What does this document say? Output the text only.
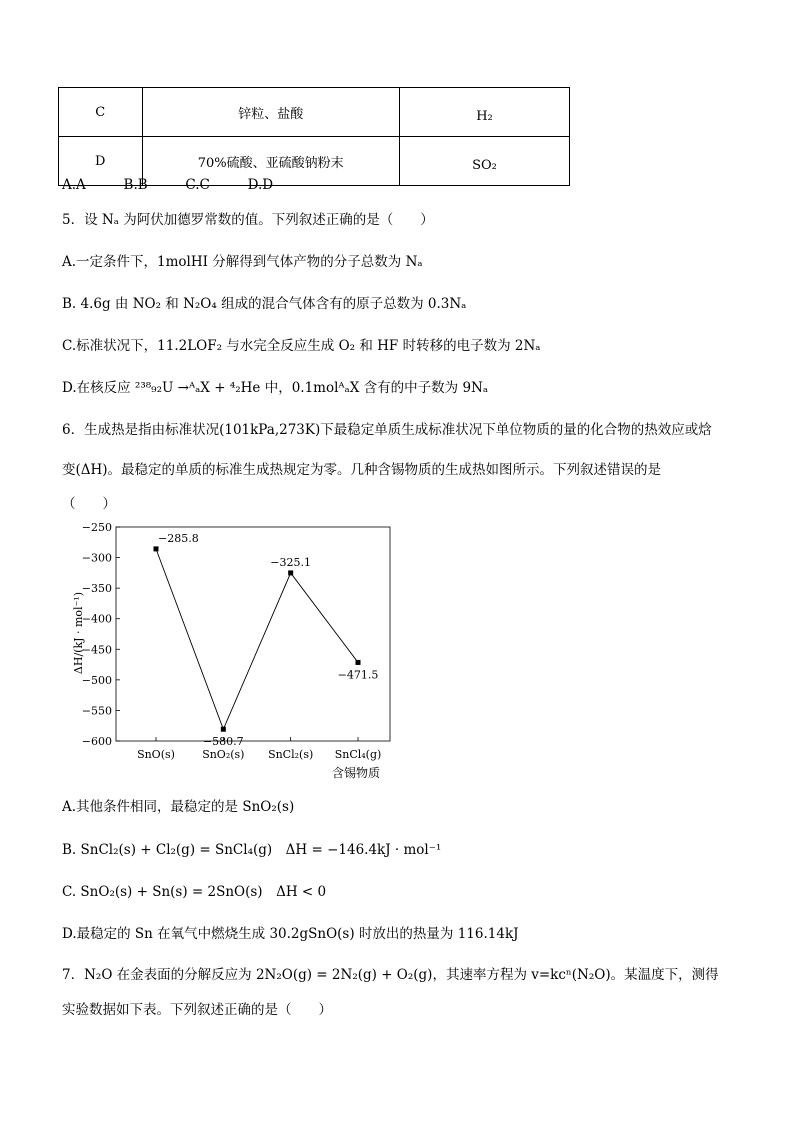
C	锌粒、盐酸	H₂
D	70%硫酸、亚硫酸钠粉末	SO₂
A.A      B.B      C.C      D.D
5．设 Nₐ 为阿伏加德罗常数的值。下列叙述正确的是（　　）
A.一定条件下，1molHI 分解得到气体产物的分子总数为 Nₐ
B. 4.6g 由 NO₂ 和 N₂O₄ 组成的混合气体含有的原子总数为 0.3Nₐ
C.标准状况下，11.2LOF₂ 与水完全反应生成 O₂ 和 HF 时转移的电子数为 2Nₐ
D.在核反应 ²³⁸₉₂U →ᴬₐX + ⁴₂He 中，0.1molᴬₐX 含有的中子数为 9Nₐ
6．生成热是指由标准状况(101kPa,273K)下最稳定单质生成标准状况下单位物质的量的化合物的热效应或焓
变(ΔH)。最稳定的单质的标准生成热规定为零。几种含锡物质的生成热如图所示。下列叙述错误的是
（　　）
−250
−300
−350
−400
−450
−500
−550
−600
SnO(s) SnO₂(s) SnCl₂(s) SnCl₄(g)
−285.8
−580.7
−325.1
−471.5
ΔH/(kJ · mol⁻¹)
含锡物质
A.其他条件相同，最稳定的是 SnO₂(s)
B. SnCl₂(s) + Cl₂(g) = SnCl₄(g)　ΔH = −146.4kJ · mol⁻¹
C. SnO₂(s) + Sn(s) = 2SnO(s)　ΔH < 0
D.最稳定的 Sn 在氧气中燃烧生成 30.2gSnO(s) 时放出的热量为 116.14kJ
7．N₂O 在金表面的分解反应为 2N₂O(g) = 2N₂(g) + O₂(g)，其速率方程为 v=kcⁿ(N₂O)。某温度下，测得
实验数据如下表。下列叙述正确的是（　　）
